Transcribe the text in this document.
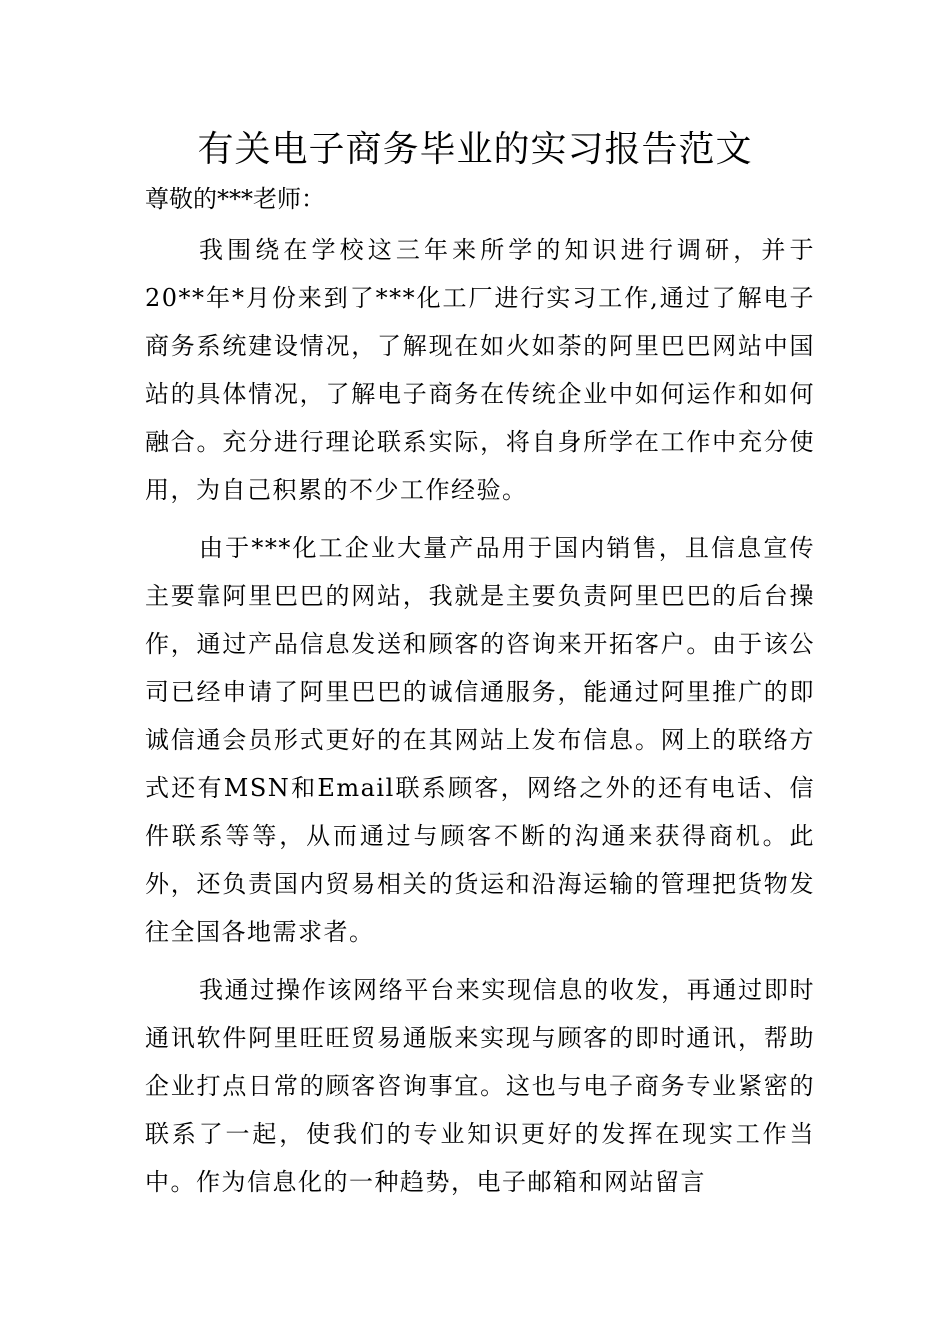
有关电子商务毕业的实习报告范文
尊敬的***老师：

我围绕在学校这三年来所学的知识进行调研，并于20**年*月份来到了***化工厂进行实习工作,通过了解电子商务系统建设情况，了解现在如火如荼的阿里巴巴网站中国站的具体情况，了解电子商务在传统企业中如何运作和如何融合。充分进行理论联系实际，将自身所学在工作中充分使用，为自己积累的不少工作经验。

由于***化工企业大量产品用于国内销售，且信息宣传主要靠阿里巴巴的网站，我就是主要负责阿里巴巴的后台操作，通过产品信息发送和顾客的咨询来开拓客户。由于该公司已经申请了阿里巴巴的诚信通服务，能通过阿里推广的即诚信通会员形式更好的在其网站上发布信息。网上的联络方式还有MSN和Email联系顾客，网络之外的还有电话、信件联系等等，从而通过与顾客不断的沟通来获得商机。此外，还负责国内贸易相关的货运和沿海运输的管理把货物发往全国各地需求者。

我通过操作该网络平台来实现信息的收发，再通过即时通讯软件阿里旺旺贸易通版来实现与顾客的即时通讯，帮助企业打点日常的顾客咨询事宜。这也与电子商务专业紧密的联系了一起，使我们的专业知识更好的发挥在现实工作当中。作为信息化的一种趋势，电子邮箱和网站留言
